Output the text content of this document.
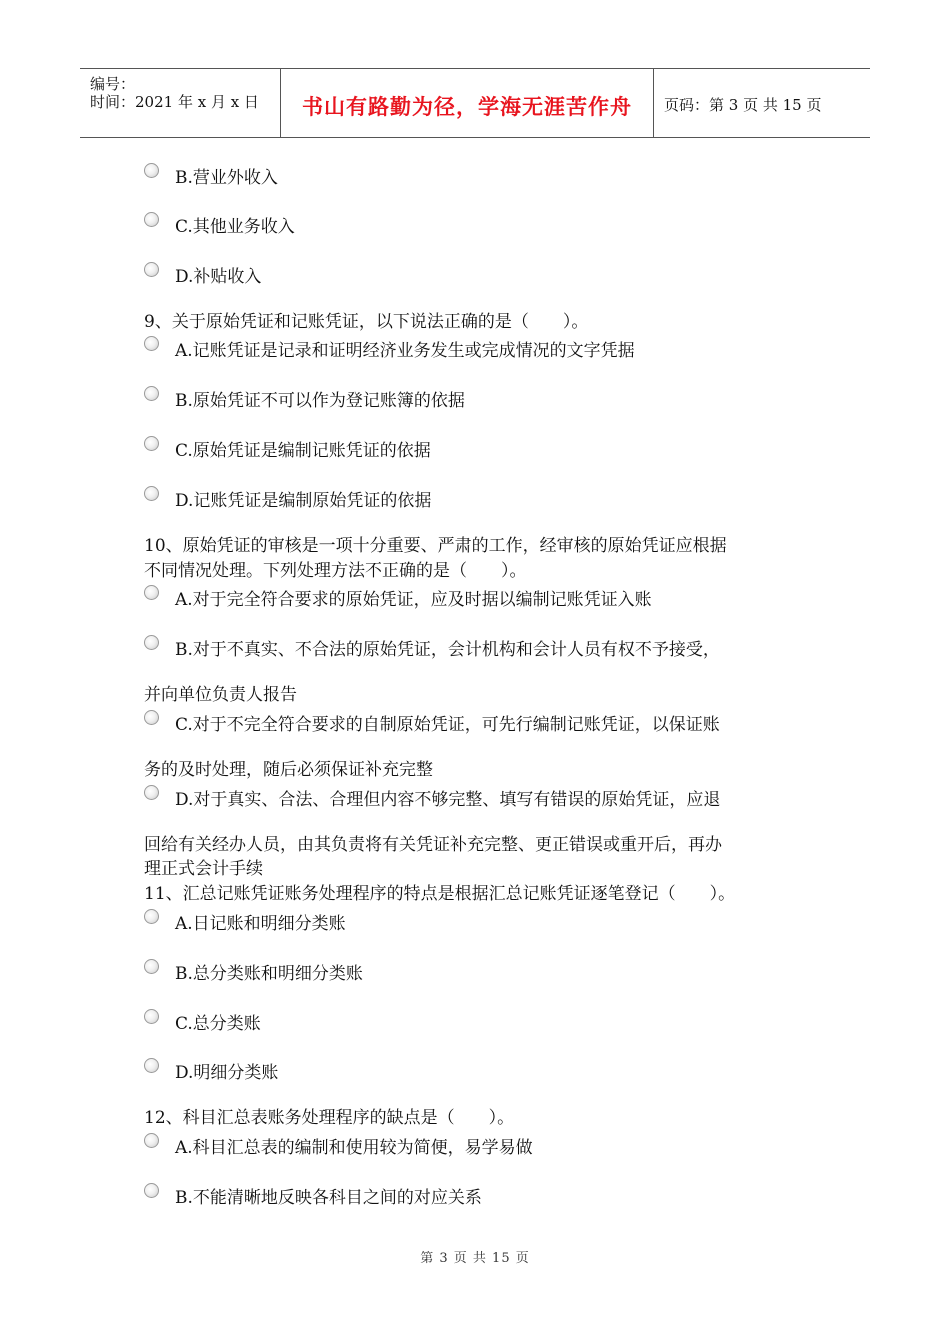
编号：
时间：2021 年 x 月 x 日	书山有路勤为径，学海无涯苦作舟	页码：第 3 页 共 15 页
B.营业外收入
C.其他业务收入
D.补贴收入
9、关于原始凭证和记账凭证，以下说法正确的是（　　）。
A.记账凭证是记录和证明经济业务发生或完成情况的文字凭据
B.原始凭证不可以作为登记账簿的依据
C.原始凭证是编制记账凭证的依据
D.记账凭证是编制原始凭证的依据
10、原始凭证的审核是一项十分重要、严肃的工作，经审核的原始凭证应根据
不同情况处理。下列处理方法不正确的是（　　）。
A.对于完全符合要求的原始凭证，应及时据以编制记账凭证入账
B.对于不真实、不合法的原始凭证，会计机构和会计人员有权不予接受，
并向单位负责人报告
C.对于不完全符合要求的自制原始凭证，可先行编制记账凭证，以保证账
务的及时处理，随后必须保证补充完整
D.对于真实、合法、合理但内容不够完整、填写有错误的原始凭证，应退
回给有关经办人员，由其负责将有关凭证补充完整、更正错误或重开后，再办
理正式会计手续
11、汇总记账凭证账务处理程序的特点是根据汇总记账凭证逐笔登记（　　）。
A.日记账和明细分类账
B.总分类账和明细分类账
C.总分类账
D.明细分类账
12、科目汇总表账务处理程序的缺点是（　　）。
A.科目汇总表的编制和使用较为简便，易学易做
B.不能清晰地反映各科目之间的对应关系
第 3 页 共 15 页
